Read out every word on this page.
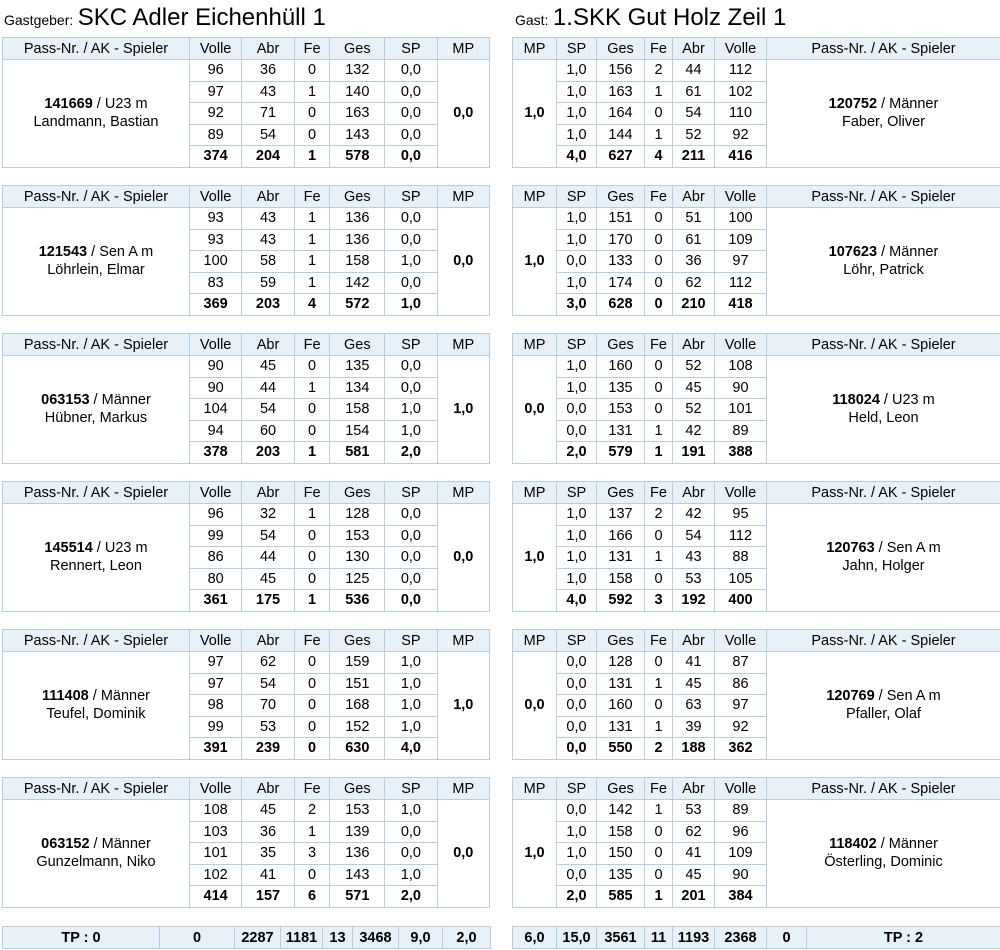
Gastgeber: SKC Adler Eichenhüll 1	Gast: 1.SKK Gut Holz Zeil 1
Pass-Nr. / AK - Spieler	Volle	Abr	Fe	Ges	SP	MP
141669 / U23 m
Landmann, Bastian	96	36	0	132	0,0	0,0
	97	43	1	140	0,0	
	92	71	0	163	0,0	
	89	54	0	143	0,0	
	374	204	1	578	0,0	
MP	SP	Ges	Fe	Abr	Volle	Pass-Nr. / AK - Spieler
1,0	1,0	156	2	44	112	120752 / Männer
Faber, Oliver
	1,0	163	1	61	102	
	1,0	164	0	54	110	
	1,0	144	1	52	92	
	4,0	627	4	211	416	
Pass-Nr. / AK - Spieler	Volle	Abr	Fe	Ges	SP	MP
121543 / Sen A m
Löhrlein, Elmar	93	43	1	136	0,0	0,0
	93	43	1	136	0,0	
	100	58	1	158	1,0	
	83	59	1	142	0,0	
	369	203	4	572	1,0	
MP	SP	Ges	Fe	Abr	Volle	Pass-Nr. / AK - Spieler
1,0	1,0	151	0	51	100	107623 / Männer
Löhr, Patrick
	1,0	170	0	61	109	
	0,0	133	0	36	97	
	1,0	174	0	62	112	
	3,0	628	0	210	418	
Pass-Nr. / AK - Spieler	Volle	Abr	Fe	Ges	SP	MP
063153 / Männer
Hübner, Markus	90	45	0	135	0,0	1,0
	90	44	1	134	0,0	
	104	54	0	158	1,0	
	94	60	0	154	1,0	
	378	203	1	581	2,0	
MP	SP	Ges	Fe	Abr	Volle	Pass-Nr. / AK - Spieler
0,0	1,0	160	0	52	108	118024 / U23 m
Held, Leon
	1,0	135	0	45	90	
	0,0	153	0	52	101	
	0,0	131	1	42	89	
	2,0	579	1	191	388	
Pass-Nr. / AK - Spieler	Volle	Abr	Fe	Ges	SP	MP
145514 / U23 m
Rennert, Leon	96	32	1	128	0,0	0,0
	99	54	0	153	0,0	
	86	44	0	130	0,0	
	80	45	0	125	0,0	
	361	175	1	536	0,0	
MP	SP	Ges	Fe	Abr	Volle	Pass-Nr. / AK - Spieler
1,0	1,0	137	2	42	95	120763 / Sen A m
Jahn, Holger
	1,0	166	0	54	112	
	1,0	131	1	43	88	
	1,0	158	0	53	105	
	4,0	592	3	192	400	
Pass-Nr. / AK - Spieler	Volle	Abr	Fe	Ges	SP	MP
111408 / Männer
Teufel, Dominik	97	62	0	159	1,0	1,0
	97	54	0	151	1,0	
	98	70	0	168	1,0	
	99	53	0	152	1,0	
	391	239	0	630	4,0	
MP	SP	Ges	Fe	Abr	Volle	Pass-Nr. / AK - Spieler
0,0	0,0	128	0	41	87	120769 / Sen A m
Pfaller, Olaf
	0,0	131	1	45	86	
	0,0	160	0	63	97	
	0,0	131	1	39	92	
	0,0	550	2	188	362	
Pass-Nr. / AK - Spieler	Volle	Abr	Fe	Ges	SP	MP
063152 / Männer
Gunzelmann, Niko	108	45	2	153	1,0	0,0
	103	36	1	139	0,0	
	101	35	3	136	0,0	
	102	41	0	143	1,0	
	414	157	6	571	2,0	
MP	SP	Ges	Fe	Abr	Volle	Pass-Nr. / AK - Spieler
1,0	0,0	142	1	53	89	118402 / Männer
Österling, Dominic
	1,0	158	0	62	96	
	1,0	150	0	41	109	
	0,0	135	0	45	90	
	2,0	585	1	201	384	
TP : 0	0	2287	1181	13	3468	9,0	2,0	6,0	15,0	3561	11	1193	2368	0	TP : 2
